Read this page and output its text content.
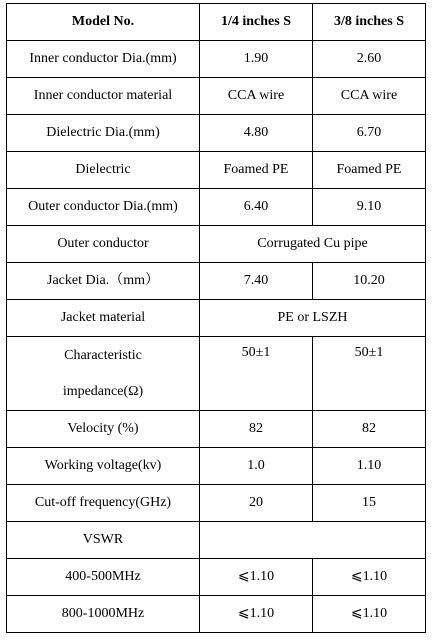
Model No.	1/4 inches S	3/8 inches S
Inner conductor Dia.(mm)	1.90	2.60
Inner conductor material	CCA wire	CCA wire
Dielectric Dia.(mm)	4.80	6.70
Dielectric	Foamed PE	Foamed PE
Outer conductor Dia.(mm)	6.40	9.10
Outer conductor	Corrugated Cu pipe	
Jacket Dia.（mm）	7.40	10.20
Jacket material	PE or LSZH	

Characteristic
impedance(Ω)	50±1	50±1
Velocity (%)	82	82
Working voltage(kv)	1.0	1.10
Cut-off frequency(GHz)	20	15
VSWR		
400-500MHz	⩽1.10	⩽1.10
800-1000MHz	⩽1.10	⩽1.10
